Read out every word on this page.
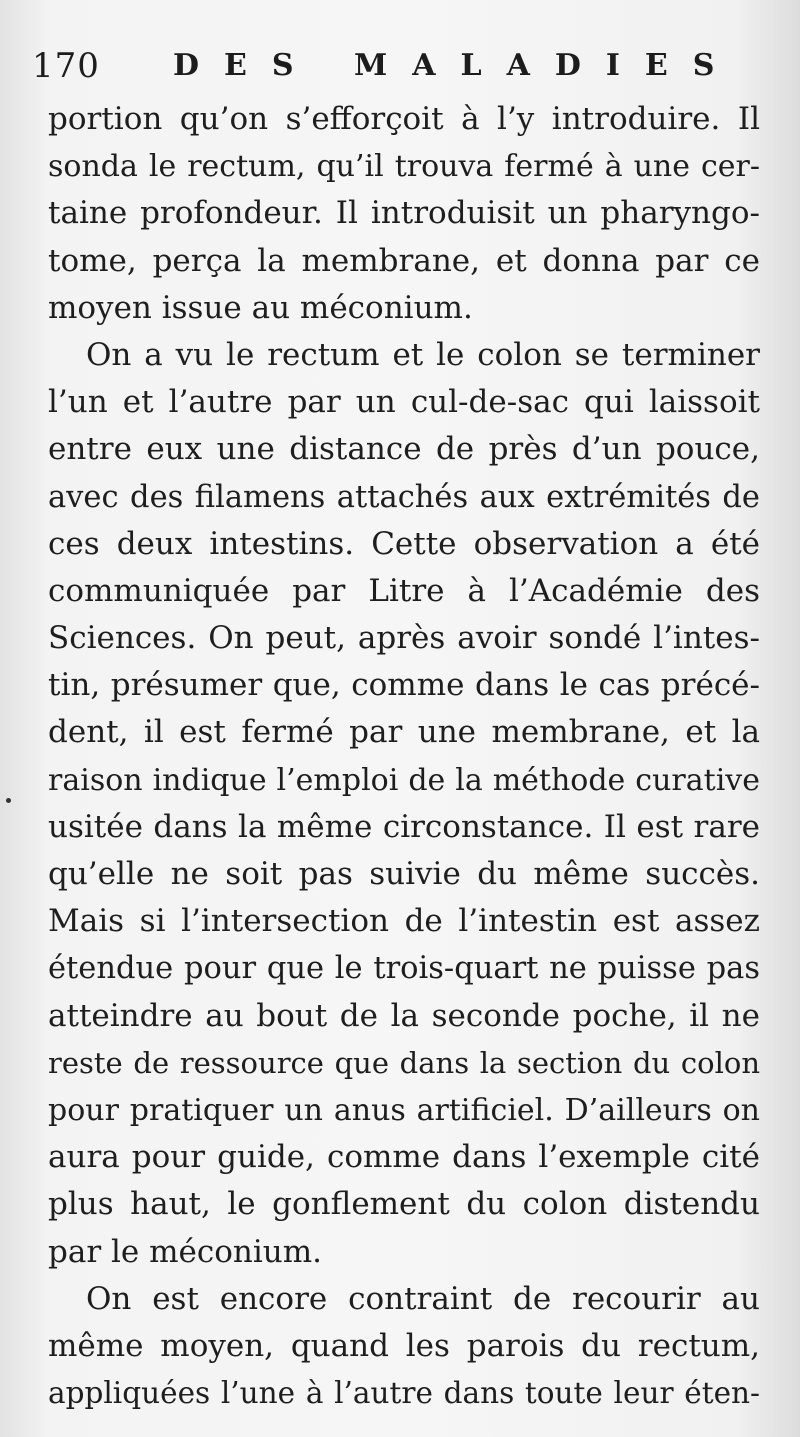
170 DES MALADIES
portion qu’on s’efforçoit à l’y introduire. Il
sonda le rectum, qu’il trouva fermé à une cer-
taine profondeur. Il introduisit un pharyngo-
tome, perça la membrane, et donna par ce
moyen issue au méconium.
On a vu le rectum et le colon se terminer
l’un et l’autre par un cul-de-sac qui laissoit
entre eux une distance de près d’un pouce,
avec des filamens attachés aux extrémités de
ces deux intestins. Cette observation a été
communiquée par Litre à l’Académie des
Sciences. On peut, après avoir sondé l’intes-
tin, présumer que, comme dans le cas précé-
dent, il est fermé par une membrane, et la
raison indique l’emploi de la méthode curative
usitée dans la même circonstance. Il est rare
qu’elle ne soit pas suivie du même succès.
Mais si l’intersection de l’intestin est assez
étendue pour que le trois-quart ne puisse pas
atteindre au bout de la seconde poche, il ne
reste de ressource que dans la section du colon
pour pratiquer un anus artificiel. D’ailleurs on
aura pour guide, comme dans l’exemple cité
plus haut, le gonflement du colon distendu
par le méconium.
On est encore contraint de recourir au
même moyen, quand les parois du rectum,
appliquées l’une à l’autre dans toute leur éten-
